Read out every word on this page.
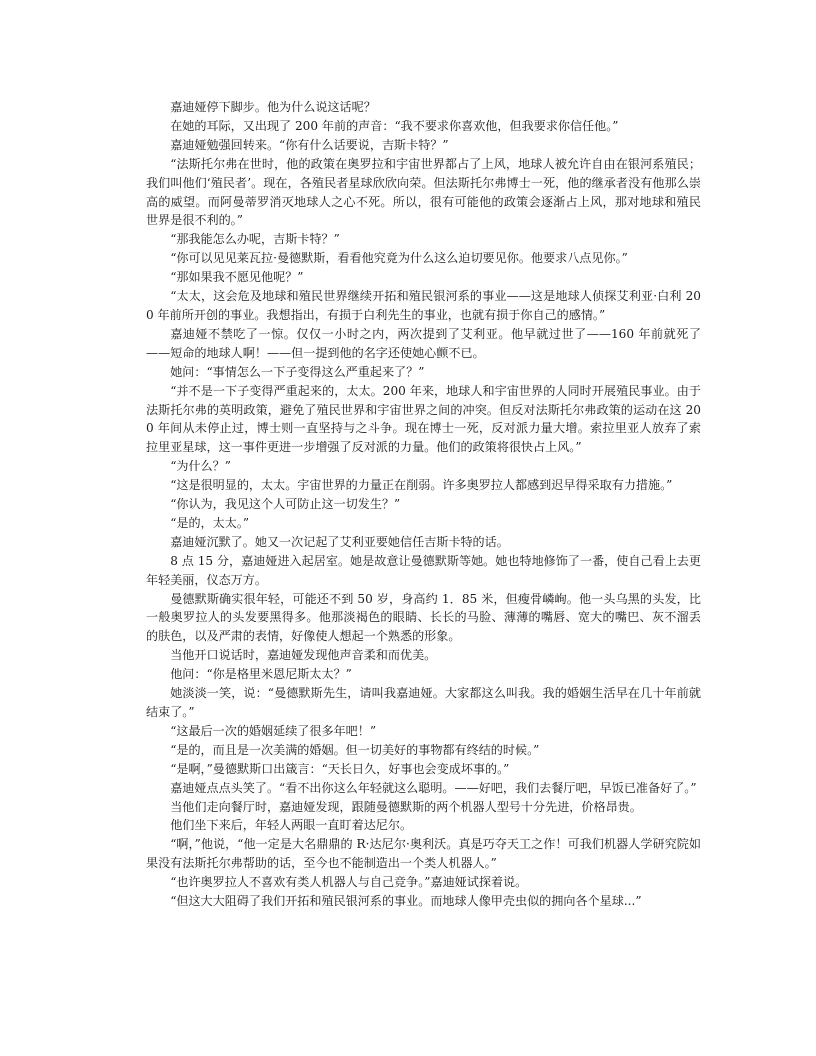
嘉迪娅停下脚步。他为什么说这话呢？

在她的耳际，又出现了 200 年前的声音：“我不要求你喜欢他，但我要求你信任他。”

嘉迪娅勉强回转来。“你有什么话要说，吉斯卡特？”

“法斯托尔弗在世时，他的政策在奥罗拉和宇宙世界都占了上风，地球人被允许自由在银河系殖民；我们叫他们‘殖民者’。现在，各殖民者星球欣欣向荣。但法斯托尔弗博士一死，他的继承者没有他那么崇高的威望。而阿曼蒂罗消灭地球人之心不死。所以，很有可能他的政策会逐渐占上风，那对地球和殖民世界是很不利的。”

“那我能怎么办呢，吉斯卡特？”

“你可以见见莱瓦拉·曼德默斯，看看他究竟为什么这么迫切要见你。他要求八点见你。”

“那如果我不愿见他呢？”

“太太，这会危及地球和殖民世界继续开拓和殖民银河系的事业——这是地球人侦探艾利亚·白利 200 年前所开创的事业。我想指出，有损于白利先生的事业，也就有损于你自己的感情。”

嘉迪娅不禁吃了一惊。仅仅一小时之内，两次提到了艾利亚。他早就过世了——160 年前就死了——短命的地球人啊！——但一提到他的名字还使她心颤不已。

她问：“事情怎么一下子变得这么严重起来了？”

“并不是一下子变得严重起来的，太太。200 年来，地球人和宇宙世界的人同时开展殖民事业。由于法斯托尔弗的英明政策，避免了殖民世界和宇宙世界之间的冲突。但反对法斯托尔弗政策的运动在这 200 年间从未停止过，博士则一直坚持与之斗争。现在博士一死，反对派力量大增。索拉里亚人放弃了索拉里亚星球，这一事件更进一步增强了反对派的力量。他们的政策将很快占上风。”

“为什么？”

“这是很明显的，太太。宇宙世界的力量正在削弱。许多奥罗拉人都感到迟早得采取有力措施。”

“你认为，我见这个人可防止这一切发生？”

“是的，太太。”

嘉迪娅沉默了。她又一次记起了艾利亚要她信任吉斯卡特的话。

8 点 15 分，嘉迪娅进入起居室。她是故意让曼德默斯等她。她也特地修饰了一番，使自己看上去更年轻美丽，仪态万方。

曼德默斯确实很年轻，可能还不到 50 岁，身高约 1．85 米，但瘦骨嶙峋。他一头乌黑的头发，比一般奥罗拉人的头发要黑得多。他那淡褐色的眼睛、长长的马脸、薄薄的嘴唇、宽大的嘴巴、灰不溜丢的肤色，以及严肃的表情，好像使人想起一个熟悉的形象。

当他开口说话时，嘉迪娅发现他声音柔和而优美。

他问：“你是格里米恩尼斯太太？”

她淡淡一笑，说：“曼德默斯先生，请叫我嘉迪娅。大家都这么叫我。我的婚姻生活早在几十年前就结束了。”

“这最后一次的婚姻延续了很多年吧！”

“是的，而且是一次美满的婚姻。但一切美好的事物都有终结的时候。”

“是啊，”曼德默斯口出箴言：“天长日久，好事也会变成坏事的。”

嘉迪娅点点头笑了。“看不出你这么年轻就这么聪明。——好吧，我们去餐厅吧，早饭已准备好了。”

当他们走向餐厅时，嘉迪娅发现，跟随曼德默斯的两个机器人型号十分先进，价格昂贵。

他们坐下来后，年轻人两眼一直盯着达尼尔。

“啊，”他说，“他一定是大名鼎鼎的 R·达尼尔·奥利沃。真是巧夺天工之作！可我们机器人学研究院如果没有法斯托尔弗帮助的话，至今也不能制造出一个类人机器人。”

“也许奥罗拉人不喜欢有类人机器人与自己竞争。”嘉迪娅试探着说。

“但这大大阻碍了我们开拓和殖民银河系的事业。而地球人像甲壳虫似的拥向各个星球...”
